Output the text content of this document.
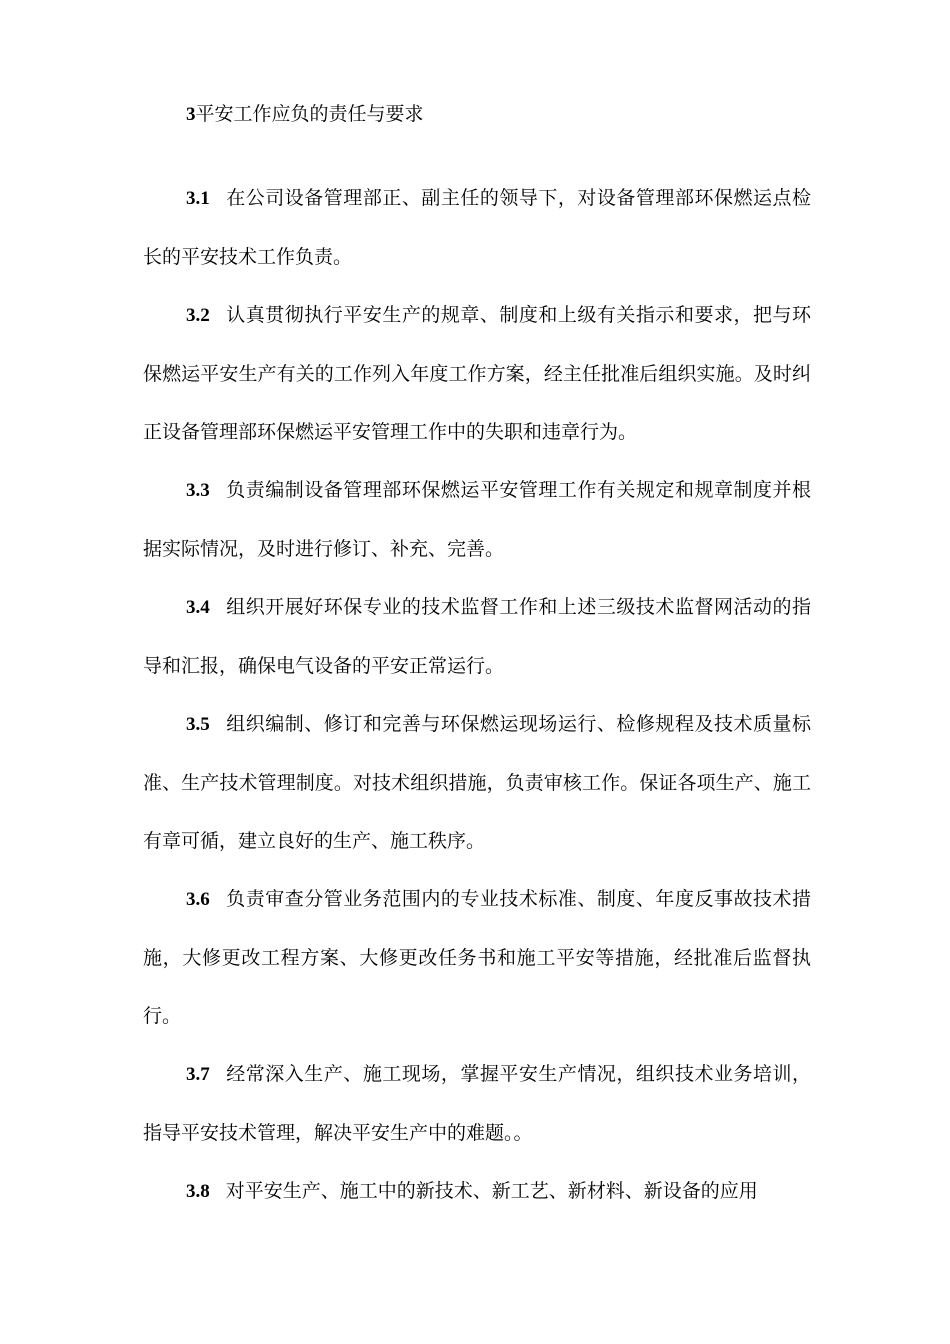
3平安工作应负的责任与要求

3.1 在公司设备管理部正、副主任的领导下，对设备管理部环保燃运点检长的平安技术工作负责。

3.2 认真贯彻执行平安生产的规章、制度和上级有关指示和要求，把与环保燃运平安生产有关的工作列入年度工作方案，经主任批准后组织实施。及时纠正设备管理部环保燃运平安管理工作中的失职和违章行为。

3.3 负责编制设备管理部环保燃运平安管理工作有关规定和规章制度并根据实际情况，及时进行修订、补充、完善。

3.4 组织开展好环保专业的技术监督工作和上述三级技术监督网活动的指导和汇报，确保电气设备的平安正常运行。

3.5 组织编制、修订和完善与环保燃运现场运行、检修规程及技术质量标准、生产技术管理制度。对技术组织措施，负责审核工作。保证各项生产、施工有章可循，建立良好的生产、施工秩序。

3.6 负责审查分管业务范围内的专业技术标准、制度、年度反事故技术措施，大修更改工程方案、大修更改任务书和施工平安等措施，经批准后监督执行。

3.7 经常深入生产、施工现场，掌握平安生产情况，组织技术业务培训，指导平安技术管理，解决平安生产中的难题。。

3.8 对平安生产、施工中的新技术、新工艺、新材料、新设备的应用
